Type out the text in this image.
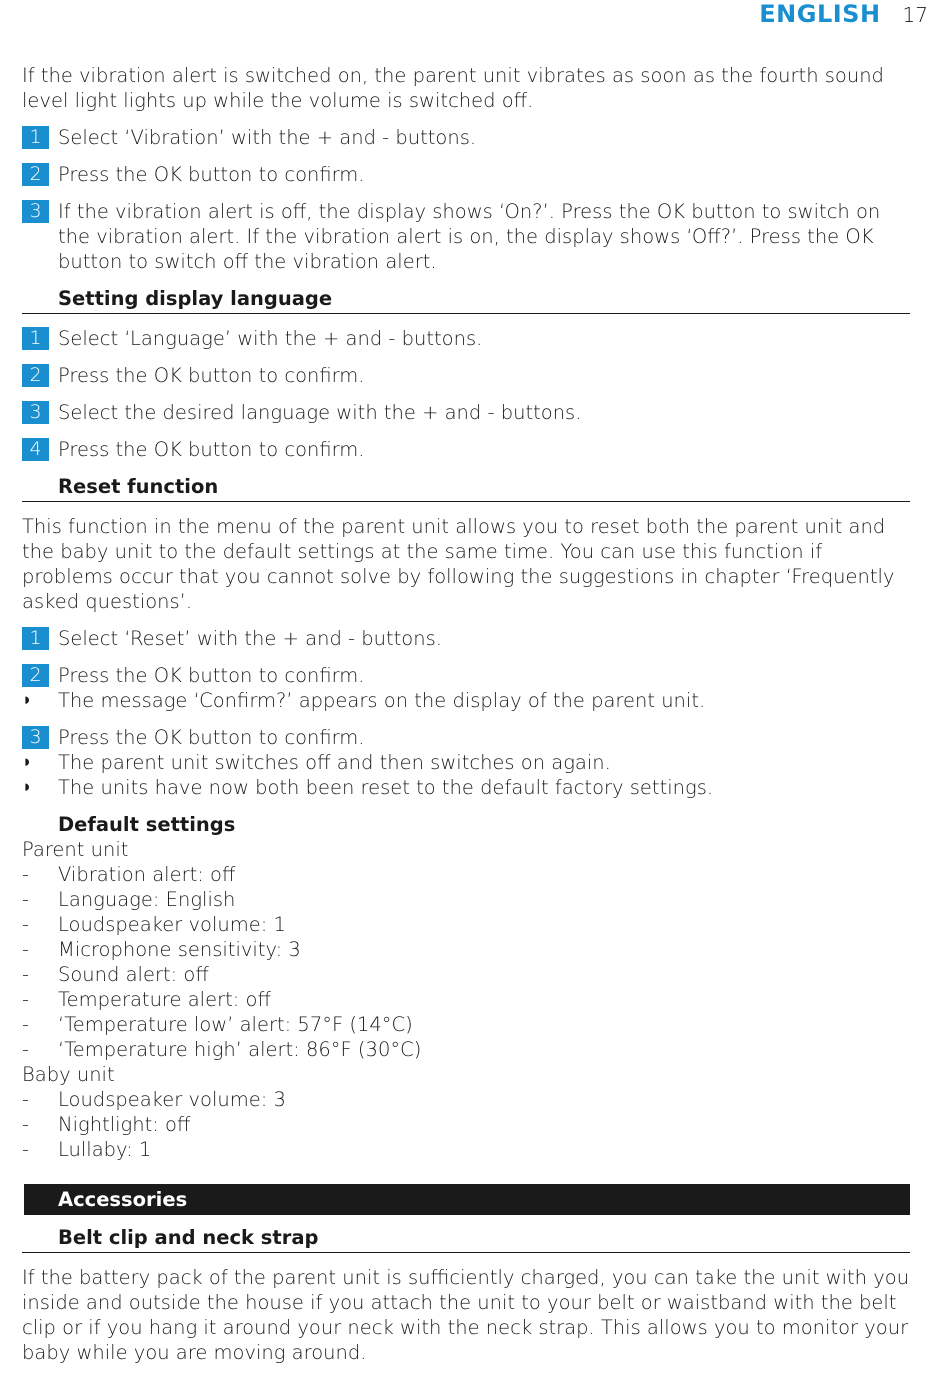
ENGLISH 17

If the vibration alert is switched on, the parent unit vibrates as soon as the fourth sound level light lights up while the volume is switched off.

1 Select ‘Vibration’ with the + and - buttons.
2 Press the OK button to confirm.
3 If the vibration alert is off, the display shows ‘On?’. Press the OK button to switch on the vibration alert. If the vibration alert is on, the display shows ‘Off?’. Press the OK button to switch off the vibration alert.
Setting display language
1 Select ‘Language’ with the + and - buttons.
2 Press the OK button to confirm.
3 Select the desired language with the + and - buttons.
4 Press the OK button to confirm.
Reset function

This function in the menu of the parent unit allows you to reset both the parent unit and the baby unit to the default settings at the same time. You can use this function if problems occur that you cannot solve by following the suggestions in chapter ‘Frequently asked questions’.

1 Select ‘Reset’ with the + and - buttons.
2 Press the OK button to confirm.
◗ The message ‘Confirm?’ appears on the display of the parent unit.
3 Press the OK button to confirm.
◗ The parent unit switches off and then switches on again.
◗ The units have now both been reset to the default factory settings.
Default settings

Parent unit

-	Vibration alert: off
-	Language: English
-	Loudspeaker volume: 1
-	Microphone sensitivity: 3
-	Sound alert: off
-	Temperature alert: off
-	‘Temperature low’ alert: 57°F (14°C)
-	‘Temperature high’ alert: 86°F (30°C)

Baby unit

-	Loudspeaker volume: 3
-	Nightlight: off
-	Lullaby: 1
Accessories
Belt clip and neck strap

If the battery pack of the parent unit is sufficiently charged, you can take the unit with you inside and outside the house if you attach the unit to your belt or waistband with the belt clip or if you hang it around your neck with the neck strap. This allows you to monitor your baby while you are moving around.
